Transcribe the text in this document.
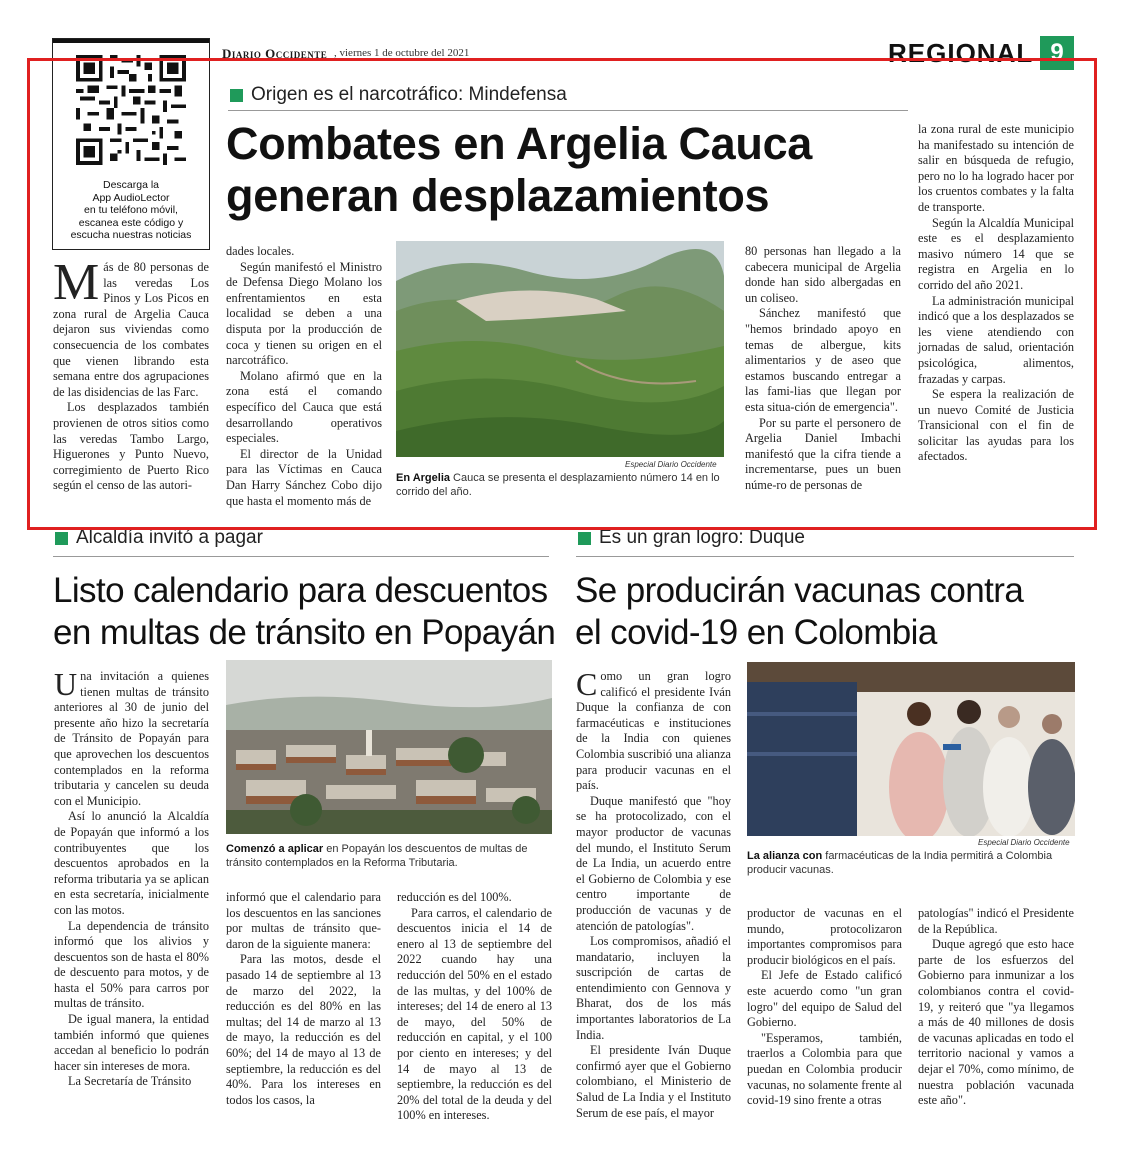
Diario Occidente , viernes 1 de octubre del 2021	REGIONAL 9
Descarga la
App AudioLector
en tu teléfono móvil,
escanea este código y
escucha nuestras noticias
Origen es el narcotráfico: Mindefensa
Combates en Argelia Cauca
generan desplazamientos

Más de 80 personas de las veredas Los Pinos y Los Picos en zona rural de Argelia Cauca dejaron sus viviendas como consecuencia de los combates que vienen librando esta semana entre dos agrupaciones de las disidencias de las Farc.

Los desplazados también provienen de otros sitios como las veredas Tambo Largo, Higuerones y Punto Nuevo, corregimiento de Puerto Rico según el censo de las autori-

dades locales.

Según manifestó el Ministro de Defensa Diego Molano los enfrentamientos en esta localidad se deben a una disputa por la producción de coca y tienen su origen en el narcotráfico.

Molano afirmó que en la zona está el comando específico del Cauca que está desarrollando operativos especiales.

El director de la Unidad para las Víctimas en Cauca Dan Harry Sánchez Cobo dijo que hasta el momento más de

Especial Diario Occidente
En Argelia Cauca se presenta el desplazamiento número 14 en lo corrido del año.

80 personas han llegado a la cabecera municipal de Argelia donde han sido albergadas en un coliseo.

Sánchez manifestó que "hemos brindado apoyo en temas de albergue, kits alimentarios y de aseo que estamos buscando entregar a las fami-lias que llegan por esta situa-ción de emergencia".

Por su parte el personero de Argelia Daniel Imbachi manifestó que la cifra tiende a incrementarse, pues un buen núme-ro de personas de

la zona rural de este municipio ha manifestado su intención de salir en búsqueda de refugio, pero no lo ha logrado hacer por los cruentos combates y la falta de transporte.

Según la Alcaldía Municipal este es el desplazamiento masivo número 14 que se registra en Argelia en lo corrido del año 2021.

La administración municipal indicó que a los desplazados se les viene atendiendo con jornadas de salud, orientación psicológica, alimentos, frazadas y carpas.

Se espera la realización de un nuevo Comité de Justicia Transicional con el fin de solicitar las ayudas para los afectados.

Alcaldía invitó a pagar
Listo calendario para descuentos
en multas de tránsito en Popayán

Una invitación a quienes tienen multas de tránsito anteriores al 30 de junio del presente año hizo la secretaría de Tránsito de Popayán para que aprovechen los descuentos contemplados en la reforma tributaria y cancelen su deuda con el Municipio.

Así lo anunció la Alcaldía de Popayán que informó a los contribuyentes que los descuentos aprobados en la reforma tributaria ya se aplican en esta secretaría, inicialmente con las motos.

La dependencia de tránsito informó que los alivios y descuentos son de hasta el 80% de descuento para motos, y de hasta el 50% para carros por multas de tránsito.

De igual manera, la entidad también informó que quienes accedan al beneficio lo podrán hacer sin intereses de mora.

La Secretaría de Tránsito

Comenzó a aplicar en Popayán los descuentos de multas de tránsito contemplados en la Reforma Tributaria.

informó que el calendario para los descuentos en las sanciones por multas de tránsito que-daron de la siguiente manera:

Para las motos, desde el pasado 14 de septiembre al 13 de marzo del 2022, la reducción es del 80% en las multas; del 14 de marzo al 13 de mayo, la reducción es del 60%; del 14 de mayo al 13 de septiembre, la reducción es del 40%. Para los intereses en todos los casos, la

reducción es del 100%.

Para carros, el calendario de descuentos inicia el 14 de enero al 13 de septiembre del 2022 cuando hay una reducción del 50% en el estado de las multas, y del 100% de intereses; del 14 de enero al 13 de mayo, del 50% de reducción en capital, y el 100 por ciento en intereses; y del 14 de mayo al 13 de septiembre, la reducción es del 20% del total de la deuda y del 100% en intereses.

Es un gran logro: Duque
Se producirán vacunas contra
el covid-19 en Colombia

Como un gran logro calificó el presidente Iván Duque la confianza de con farmacéuticas e instituciones de la India con quienes Colombia suscribió una alianza para producir vacunas en el país.

Duque manifestó que "hoy se ha protocolizado, con el mayor productor de vacunas del mundo, el Instituto Serum de La India, un acuerdo entre el Gobierno de Colombia y ese centro importante de producción de vacunas y de atención de patologías".

Los compromisos, añadió el mandatario, incluyen la suscripción de cartas de entendimiento con Gennova y Bharat, dos de los más importantes laboratorios de La India.

El presidente Iván Duque confirmó ayer que el Gobierno colombiano, el Ministerio de Salud de La India y el Instituto Serum de ese país, el mayor

Especial Diario Occidente
La alianza con farmacéuticas de la India permitirá a Colombia producir vacunas.

productor de vacunas en el mundo, protocolizaron importantes compromisos para producir biológicos en el país.

El Jefe de Estado calificó este acuerdo como "un gran logro" del equipo de Salud del Gobierno.

"Esperamos, también, traerlos a Colombia para que puedan en Colombia producir vacunas, no solamente frente al covid-19 sino frente a otras

patologías" indicó el Presidente de la República.

Duque agregó que esto hace parte de los esfuerzos del Gobierno para inmunizar a los colombianos contra el covid-19, y reiteró que "ya llegamos a más de 40 millones de dosis de vacunas aplicadas en todo el territorio nacional y vamos a dejar el 70%, como mínimo, de nuestra población vacunada este año".
